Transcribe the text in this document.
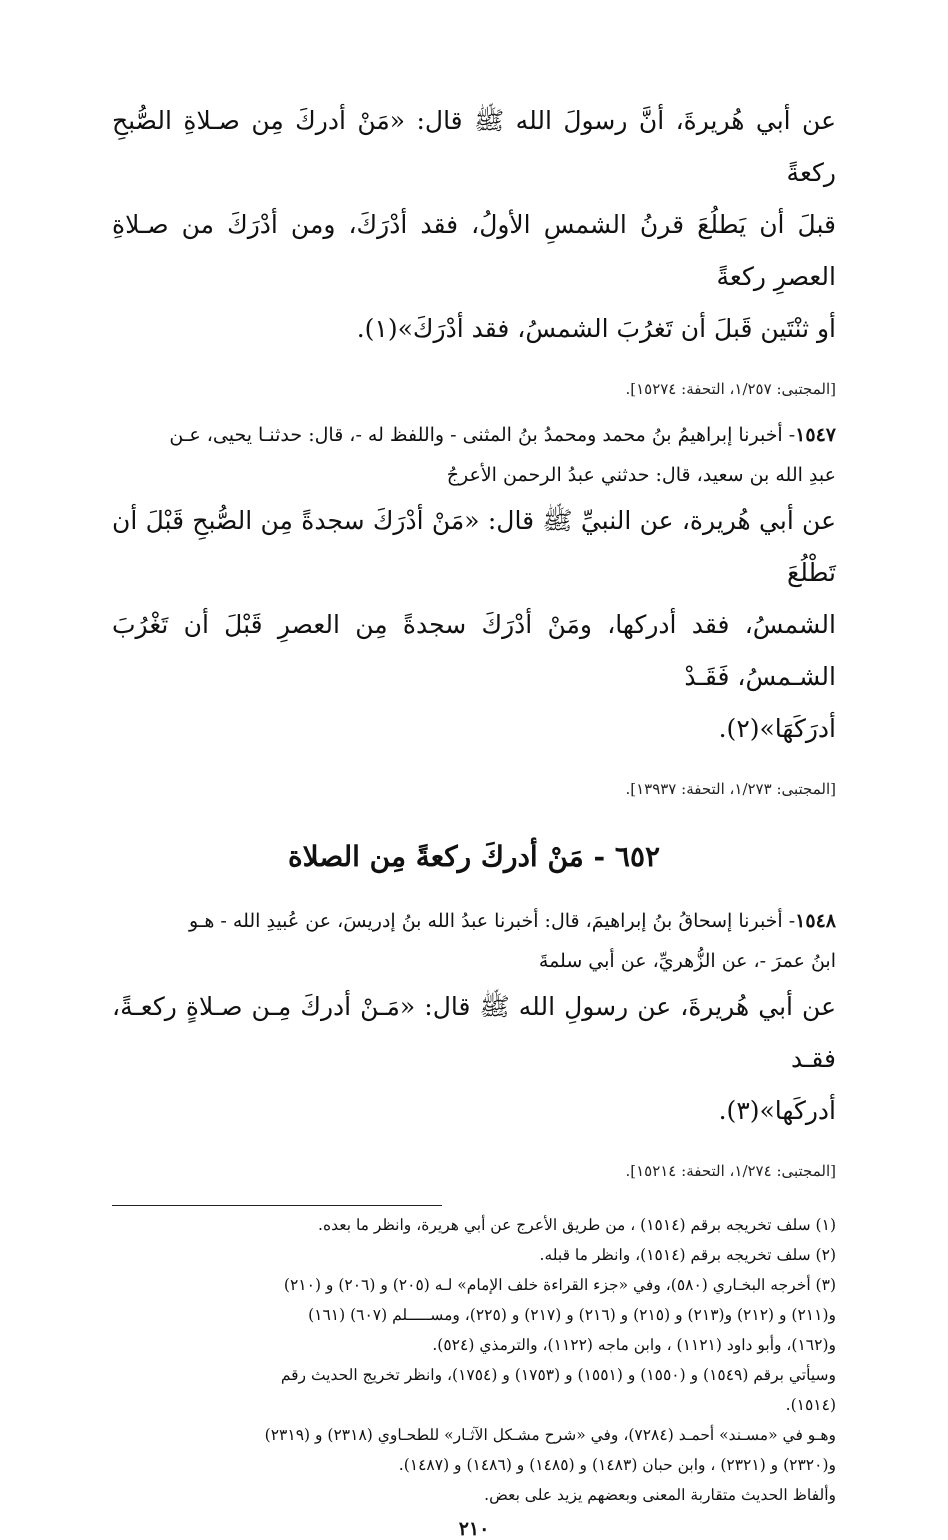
عن أبي هُريرةَ، أنَّ رسولَ الله ﷺ قال: «مَنْ أدركَ مِن صـلاةِ الصُّبحِ ركعةً

قبلَ أن يَطلُعَ قرنُ الشمسِ الأولُ، فقد أدْرَكَ، ومن أدْرَكَ من صـلاةِ العصرِ ركعةً

أو ثنْتَين قَبلَ أن تَغرُبَ الشمسُ، فقد أدْرَكَ»(١).

[المجتبى: ١/٢٥٧، التحفة: ١٥٢٧٤].

١٥٤٧- أخبرنا إبراهيمُ بنُ محمد ومحمدُ بنُ المثنى - واللفظ له -، قال: حدثنـا يحيى، عـن

عبدِ الله بن سعيد، قال: حدثني عبدُ الرحمن الأعرجُ

عن أبي هُريرة، عن النبيِّ ﷺ قال: «مَنْ أدْرَكَ سجدةً مِن الصُّبحِ قَبْلَ أن تَطْلُعَ

الشمسُ، فقد أدركها، ومَنْ أدْرَكَ سجدةً مِن العصرِ قَبْلَ أن تَغْرُبَ الشـمسُ، فَقَـدْ

أدرَكَهَا»(٢).

[المجتبى: ١/٢٧٣، التحفة: ١٣٩٣٧].

٦٥٢ - مَنْ أدركَ ركعةً مِن الصلاة

١٥٤٨- أخبرنا إسحاقُ بنُ إبراهيمَ، قال: أخبرنا عبدُ الله بنُ إدريسَ، عن عُبيدِ الله - هـو

ابنُ عمرَ -، عن الزُّهريِّ، عن أبي سلمةَ

عن أبي هُريرةَ، عن رسولِ الله ﷺ قال: «مَـنْ أدركَ مِـن صـلاةٍ ركعـةً، فقـد

أدركَها»(٣).

[المجتبى: ١/٢٧٤، التحفة: ١٥٢١٤].

(١) سلف تخريجه برقم (١٥١٤) ، من طريق الأعرج عن أبي هريرة، وانظر ما بعده.

(٢) سلف تخريجه برقم (١٥١٤)، وانظر ما قبله.

(٣) أخرجه البخـاري (٥٨٠)، وفي «جزء القراءة خلف الإمام» لـه (٢٠٥) و (٢٠٦) و (٢١٠)

و(٢١١) و (٢١٢) و(٢١٣) و (٢١٥) و (٢١٦) و (٢١٧) و (٢٢٥)، ومســـــلم (٦٠٧) (١٦١)

و(١٦٢)، وأبو داود (١١٢١) ، وابن ماجه (١١٢٢)، والترمذي (٥٢٤).

وسيأتي برقم (١٥٤٩) و (١٥٥٠) و (١٥٥١) و (١٧٥٣) و (١٧٥٤)، وانظر تخريج الحديث رقم

(١٥١٤).

وهـو في «مسـند» أحمـد (٧٢٨٤)، وفي «شرح مشـكل الآثـار» للطحـاوي (٢٣١٨) و (٢٣١٩)

و(٢٣٢٠) و (٢٣٢١) ، وابن حبان (١٤٨٣) و (١٤٨٥) و (١٤٨٦) و (١٤٨٧).

وألفاظ الحديث متقاربة المعنى وبعضهم يزيد على بعض.

٢١٠
